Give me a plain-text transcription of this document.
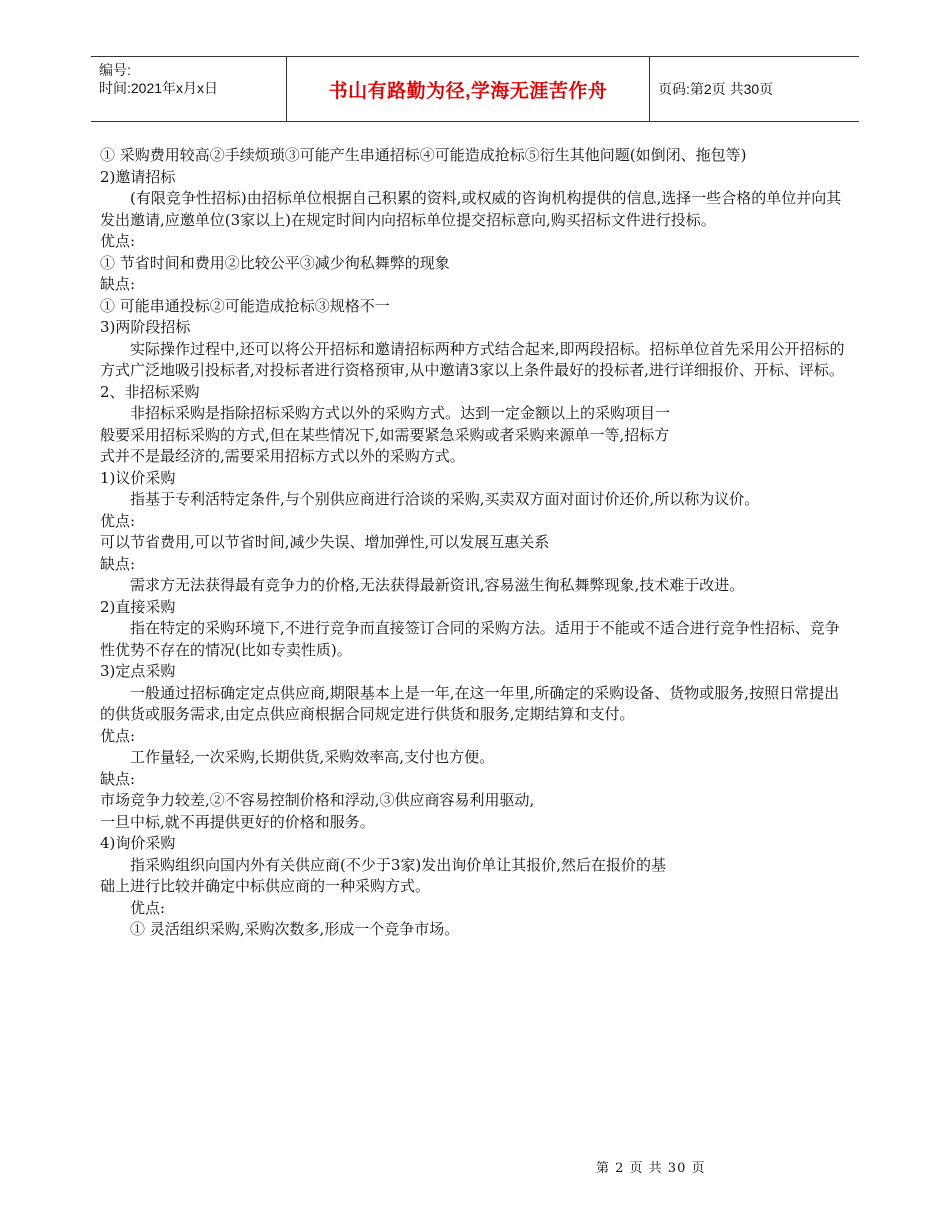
编号:
时间:2021年x月x日	书山有路勤为径,学海无涯苦作舟	页码:第2页 共30页

① 采购费用较高②手续烦琐③可能产生串通招标④可能造成抢标⑤衍生其他问题(如倒闭、拖包等)

2)邀请招标

(有限竞争性招标)由招标单位根据自己积累的资料,或权威的咨询机构提供的信息,选择一些合格的单位并向其发出邀请,应邀单位(3家以上)在规定时间内向招标单位提交招标意向,购买招标文件进行投标。

优点:

① 节省时间和费用②比较公平③减少徇私舞弊的现象

缺点:

① 可能串通投标②可能造成抢标③规格不一

3)两阶段招标

实际操作过程中,还可以将公开招标和邀请招标两种方式结合起来,即两段招标。招标单位首先采用公开招标的方式广泛地吸引投标者,对投标者进行资格预审,从中邀请3家以上条件最好的投标者,进行详细报价、开标、评标。

2、非招标采购

非招标采购是指除招标采购方式以外的采购方式。达到一定金额以上的采购项目一般要采用招标采购的方式,但在某些情况下,如需要紧急采购或者采购来源单一等,招标方式并不是最经济的,需要采用招标方式以外的采购方式。

1)议价采购

指基于专利活特定条件,与个别供应商进行洽谈的采购,买卖双方面对面讨价还价,所以称为议价。

优点:

可以节省费用,可以节省时间,减少失误、增加弹性,可以发展互惠关系

缺点:

需求方无法获得最有竞争力的价格,无法获得最新资讯,容易滋生徇私舞弊现象,技术难于改进。

2)直接采购

指在特定的采购环境下,不进行竞争而直接签订合同的采购方法。适用于不能或不适合进行竞争性招标、竞争性优势不存在的情况(比如专卖性质)。

3)定点采购

一般通过招标确定定点供应商,期限基本上是一年,在这一年里,所确定的采购设备、货物或服务,按照日常提出的供货或服务需求,由定点供应商根据合同规定进行供货和服务,定期结算和支付。

优点:

工作量轻,一次采购,长期供货,采购效率高,支付也方便。

缺点:

市场竞争力较差,②不容易控制价格和浮动,③供应商容易利用驱动,

一旦中标,就不再提供更好的价格和服务。

4)询价采购

指采购组织向国内外有关供应商(不少于3家)发出询价单让其报价,然后在报价的基

础上进行比较并确定中标供应商的一种采购方式。

优点:

① 灵活组织采购,采购次数多,形成一个竞争市场。

第 2 页 共 30 页
